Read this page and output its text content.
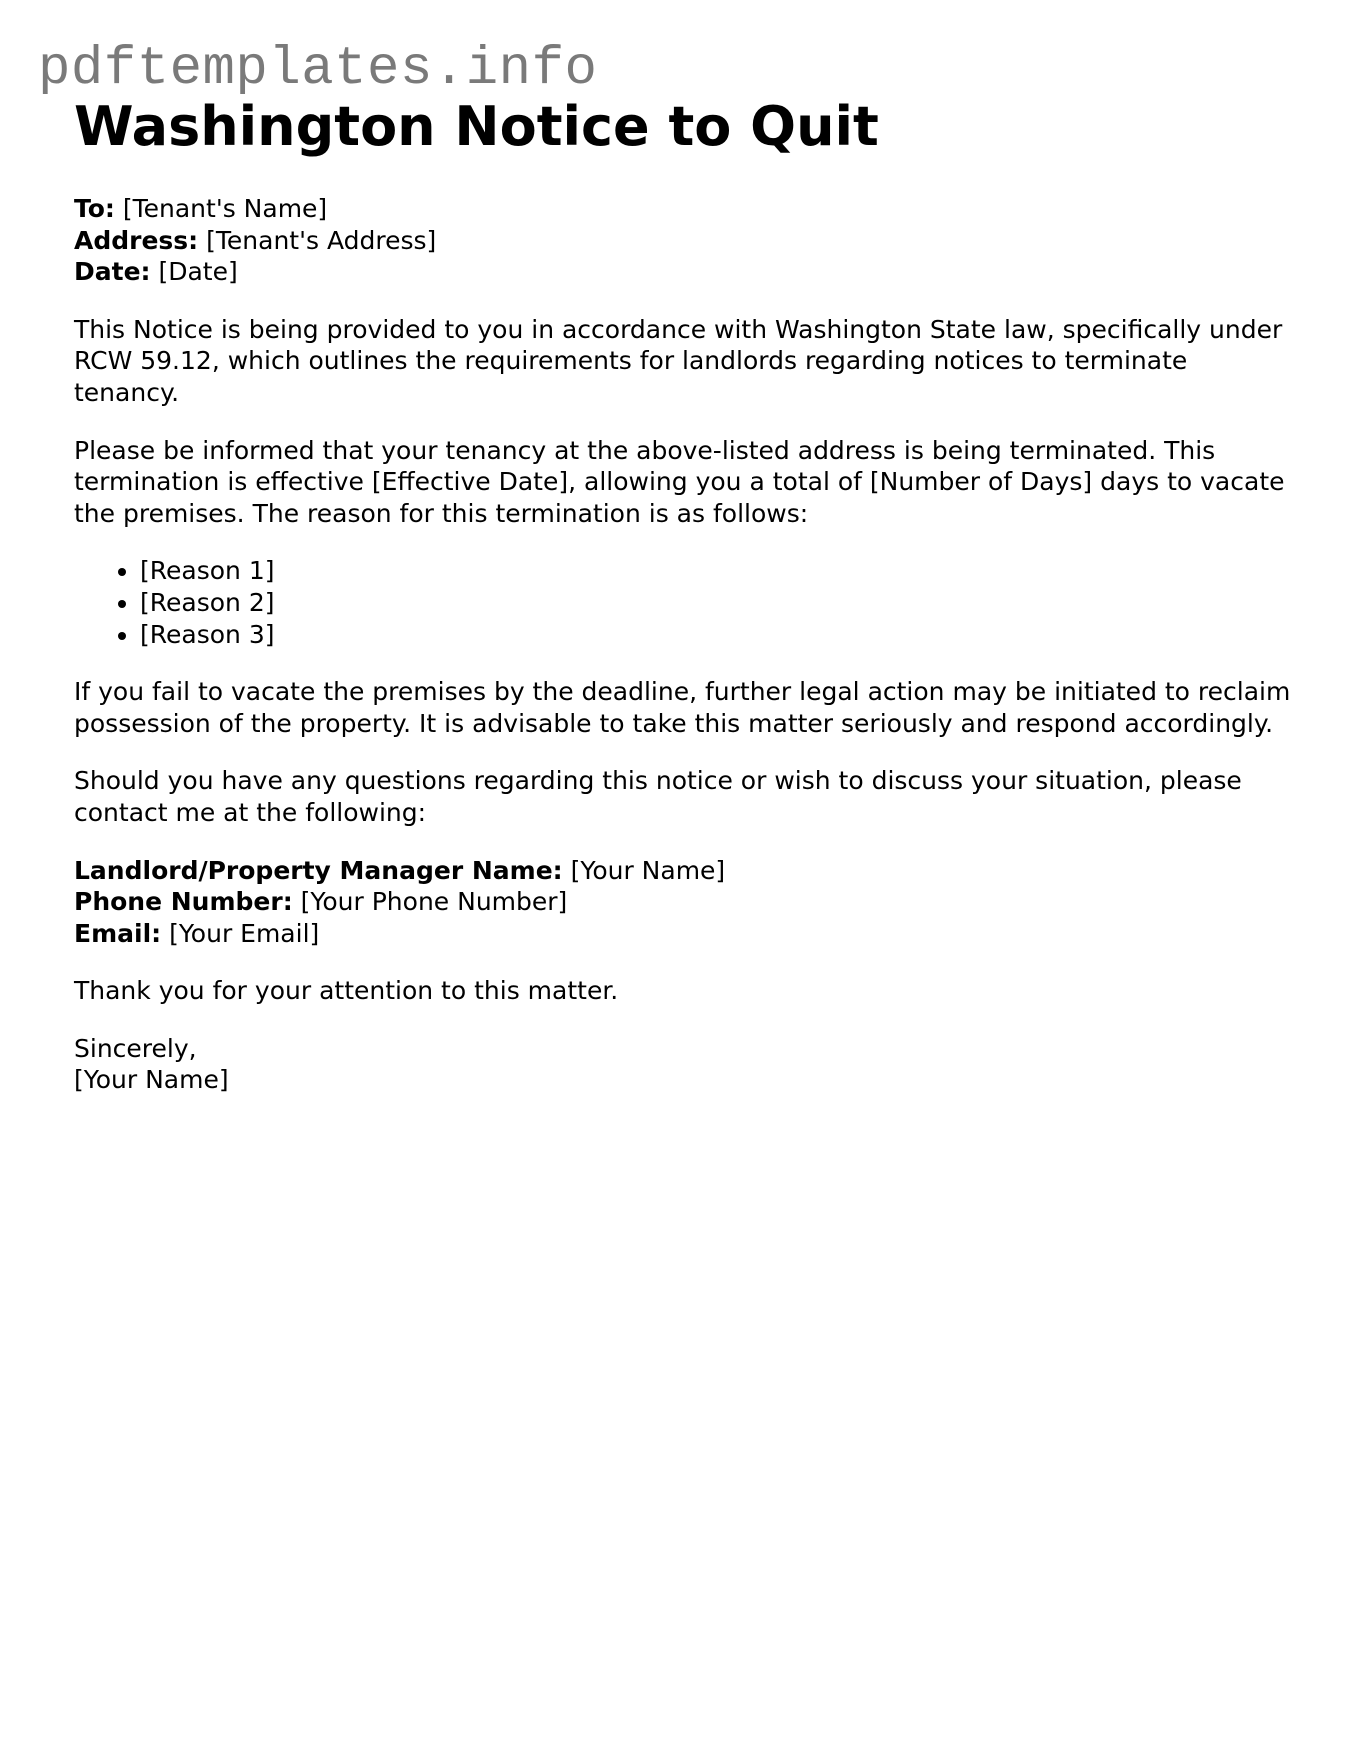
pdftemplates.info
Washington Notice to Quit

To: [Tenant's Name]
Address: [Tenant's Address]
Date: [Date]

This Notice is being provided to you in accordance with Washington State law, specifically under RCW 59.12, which outlines the requirements for landlords regarding notices to terminate tenancy.

Please be informed that your tenancy at the above-listed address is being terminated. This termination is effective [Effective Date], allowing you a total of [Number of Days] days to vacate the premises. The reason for this termination is as follows:

• [Reason 1]
• [Reason 2]
• [Reason 3]

If you fail to vacate the premises by the deadline, further legal action may be initiated to reclaim possession of the property. It is advisable to take this matter seriously and respond accordingly.

Should you have any questions regarding this notice or wish to discuss your situation, please contact me at the following:

Landlord/Property Manager Name: [Your Name]
Phone Number: [Your Phone Number]
Email: [Your Email]

Thank you for your attention to this matter.

Sincerely,
[Your Name]
